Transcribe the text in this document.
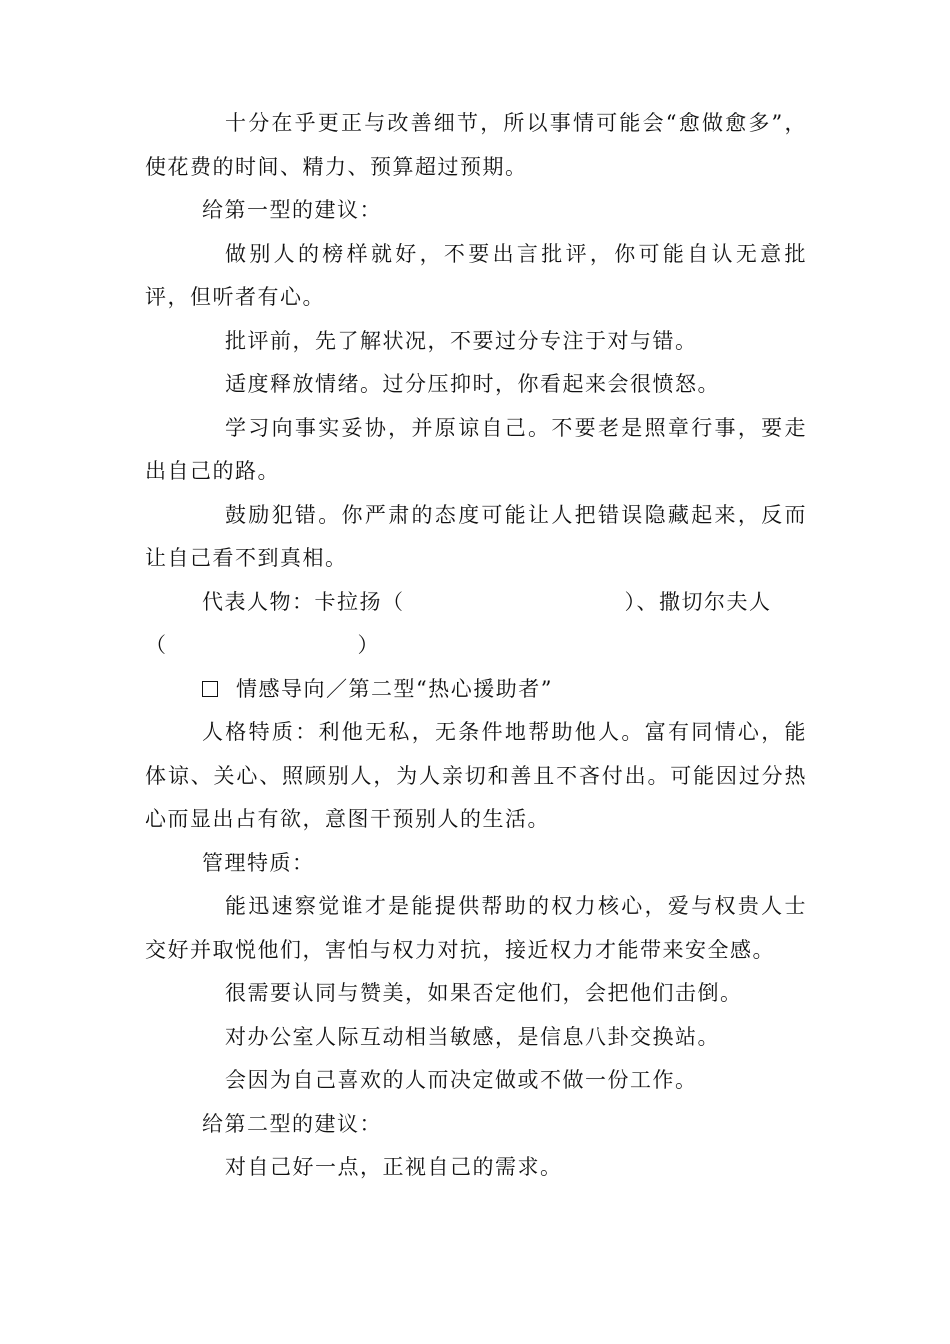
十分在乎更正与改善细节，所以事情可能会“愈做愈多”，使花费的时间、精力、预算超过预期。

给第一型的建议：

做别人的榜样就好，不要出言批评，你可能自认无意批评，但听者有心。

批评前，先了解状况，不要过分专注于对与错。

适度释放情绪。过分压抑时，你看起来会很愤怒。

学习向事实妥协，并原谅自己。不要老是照章行事，要走出自己的路。

鼓励犯错。你严肃的态度可能让人把错误隐藏起来，反而让自己看不到真相。

代表人物：卡拉扬（	）、撒切尔夫人
（	）

情感导向／第二型“热心援助者”

人格特质：利他无私，无条件地帮助他人。富有同情心，能体谅、关心、照顾别人，为人亲切和善且不吝付出。可能因过分热心而显出占有欲，意图干预别人的生活。

管理特质：

能迅速察觉谁才是能提供帮助的权力核心，爱与权贵人士交好并取悦他们，害怕与权力对抗，接近权力才能带来安全感。

很需要认同与赞美，如果否定他们，会把他们击倒。

对办公室人际互动相当敏感，是信息八卦交换站。

会因为自己喜欢的人而决定做或不做一份工作。

给第二型的建议：

对自己好一点，正视自己的需求。
